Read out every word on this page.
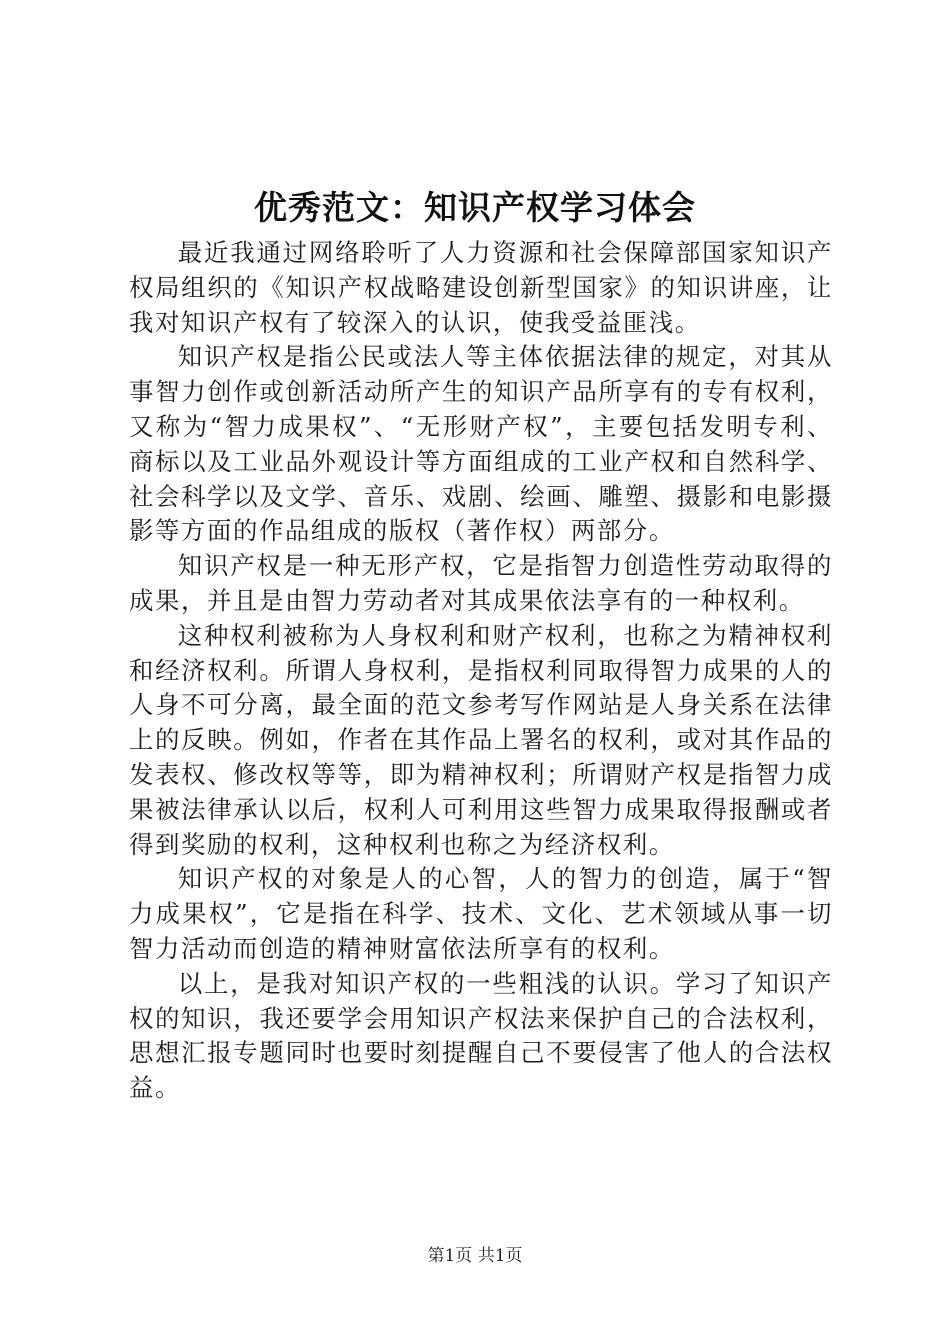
优秀范文：知识产权学习体会

最近我通过网络聆听了人力资源和社会保障部国家知识产权局组织的《知识产权战略建设创新型国家》的知识讲座，让我对知识产权有了较深入的认识，使我受益匪浅。

知识产权是指公民或法人等主体依据法律的规定，对其从事智力创作或创新活动所产生的知识产品所享有的专有权利，又称为“智力成果权”、“无形财产权”，主要包括发明专利、商标以及工业品外观设计等方面组成的工业产权和自然科学、社会科学以及文学、音乐、戏剧、绘画、雕塑、摄影和电影摄影等方面的作品组成的版权（著作权）两部分。

知识产权是一种无形产权，它是指智力创造性劳动取得的成果，并且是由智力劳动者对其成果依法享有的一种权利。

这种权利被称为人身权利和财产权利，也称之为精神权利和经济权利。所谓人身权利，是指权利同取得智力成果的人的人身不可分离，最全面的范文参考写作网站是人身关系在法律上的反映。例如，作者在其作品上署名的权利，或对其作品的发表权、修改权等等，即为精神权利；所谓财产权是指智力成果被法律承认以后，权利人可利用这些智力成果取得报酬或者得到奖励的权利，这种权利也称之为经济权利。

知识产权的对象是人的心智，人的智力的创造，属于“智力成果权”，它是指在科学、技术、文化、艺术领域从事一切智力活动而创造的精神财富依法所享有的权利。

以上，是我对知识产权的一些粗浅的认识。学习了知识产权的知识，我还要学会用知识产权法来保护自己的合法权利，思想汇报专题同时也要时刻提醒自己不要侵害了他人的合法权益。

第1页 共1页
